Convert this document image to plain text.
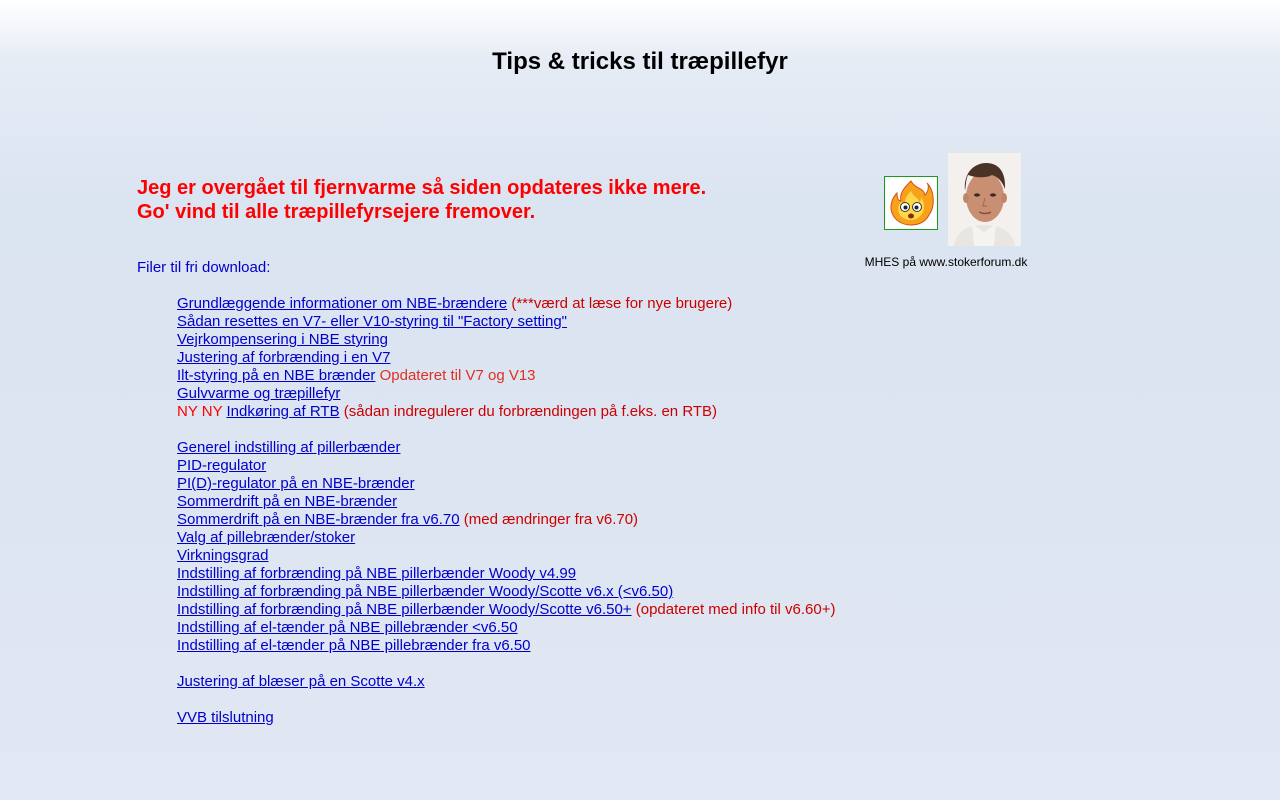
Tips & tricks til træpillefyr
Jeg er overgået til fjernvarme så siden opdateres ikke mere.
Go' vind til alle træpillefyrsejere fremover.
Filer til fri download:
Grundlæggende informationer om NBE-brændere (***værd at læse for nye brugere)
Sådan resettes en V7- eller V10-styring til "Factory setting"
Vejrkompensering i NBE styring
Justering af forbrænding i en V7
Ilt-styring på en NBE brænder Opdateret til V7 og V13
Gulvvarme og træpillefyr
NY NY Indkøring af RTB (sådan indregulerer du forbrændingen på f.eks. en RTB)
Generel indstilling af pillerbænder
PID-regulator
PI(D)-regulator på en NBE-brænder
Sommerdrift på en NBE-brænder
Sommerdrift på en NBE-brænder fra v6.70 (med ændringer fra v6.70)
Valg af pillebrænder/stoker
Virkningsgrad
Indstilling af forbrænding på NBE pillerbænder Woody v4.99
Indstilling af forbrænding på NBE pillerbænder Woody/Scotte v6.x (<v6.50)
Indstilling af forbrænding på NBE pillerbænder Woody/Scotte v6.50+ (opdateret med info til v6.60+)
Indstilling af el-tænder på NBE pillebrænder <v6.50
Indstilling af el-tænder på NBE pillebrænder fra v6.50
Justering af blæser på en Scotte v4.x
VVB tilslutning
MHES på www.stokerforum.dk
